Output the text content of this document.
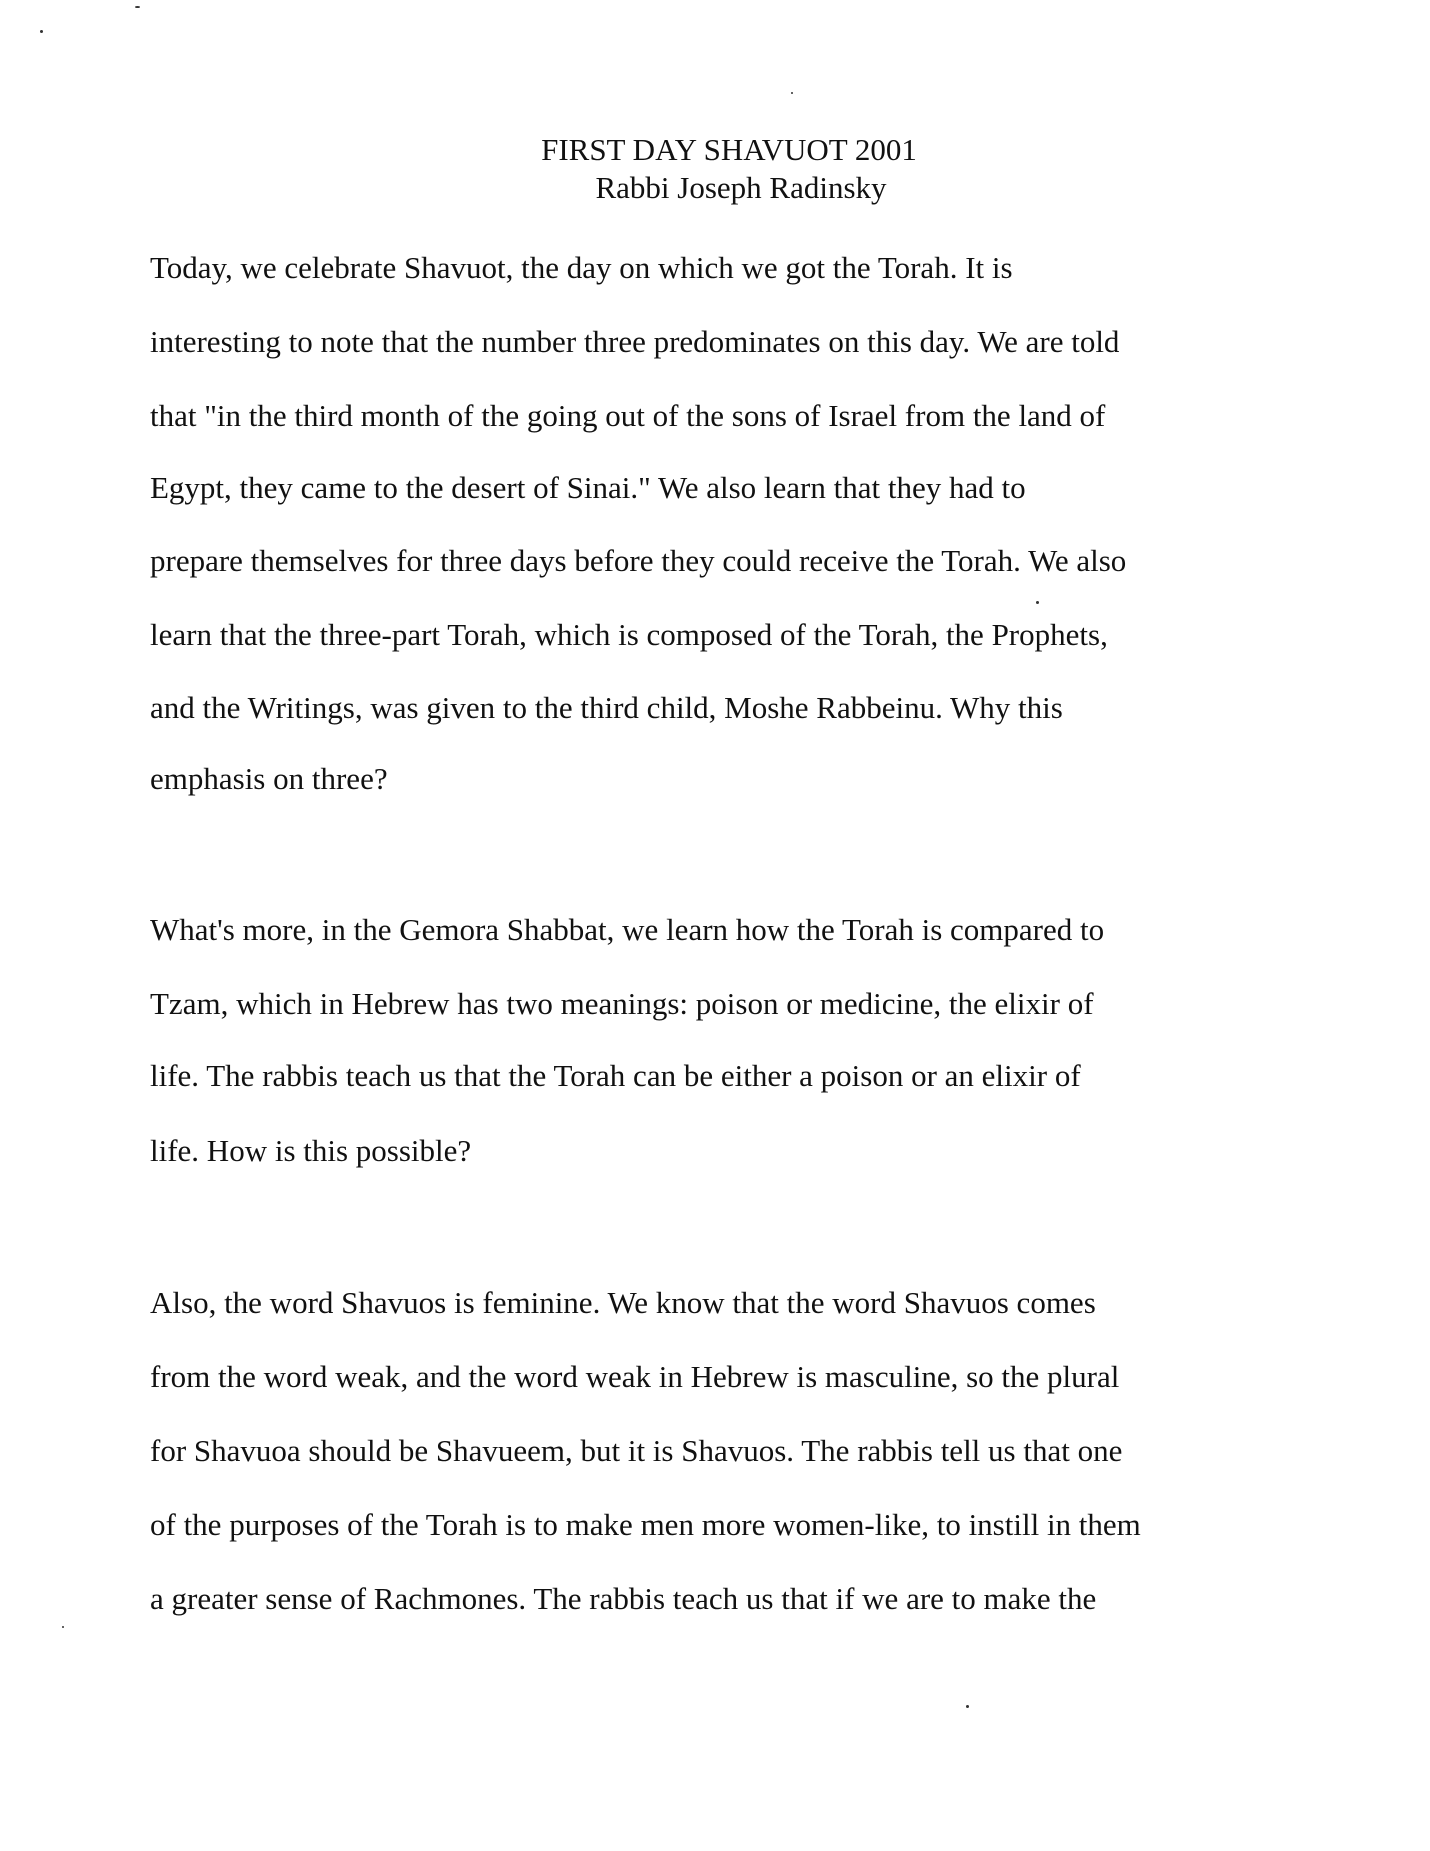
FIRST DAY SHAVUOT 2001
Rabbi Joseph Radinsky
Today, we celebrate Shavuot, the day on which we got the Torah. It is
interesting to note that the number three predominates on this day. We are told
that "in the third month of the going out of the sons of Israel from the land of
Egypt, they came to the desert of Sinai." We also learn that they had to
prepare themselves for three days before they could receive the Torah. We also
learn that the three-part Torah, which is composed of the Torah, the Prophets,
and the Writings, was given to the third child, Moshe Rabbeinu. Why this
emphasis on three?
What's more, in the Gemora Shabbat, we learn how the Torah is compared to
Tzam, which in Hebrew has two meanings: poison or medicine, the elixir of
life. The rabbis teach us that the Torah can be either a poison or an elixir of
life. How is this possible?
Also, the word Shavuos is feminine. We know that the word Shavuos comes
from the word weak, and the word weak in Hebrew is masculine, so the plural
for Shavuoa should be Shavueem, but it is Shavuos. The rabbis tell us that one
of the purposes of the Torah is to make men more women-like, to instill in them
a greater sense of Rachmones. The rabbis teach us that if we are to make the
